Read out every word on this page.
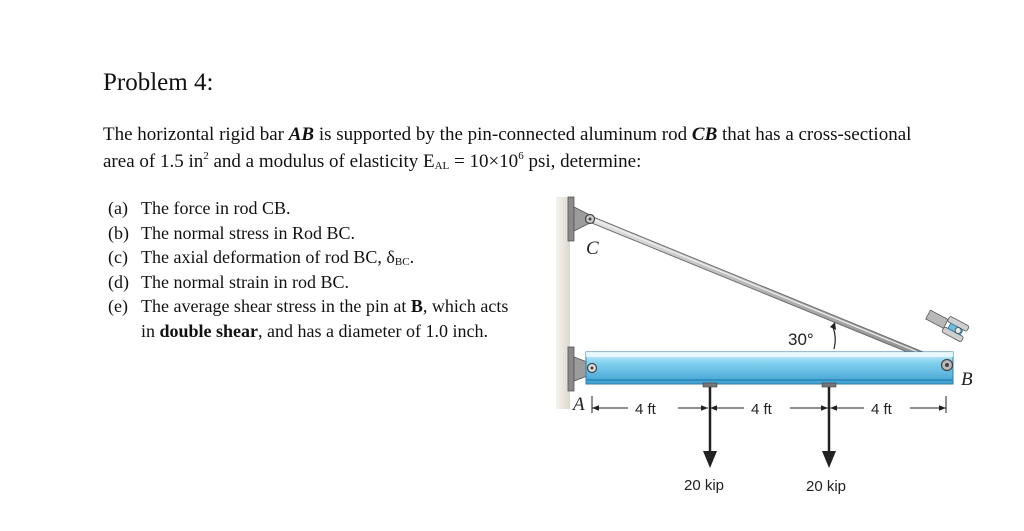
Problem 4:
The horizontal rigid bar AB is supported by the pin-connected aluminum rod CB that has a cross-sectional area of 1.5 $in^2$ and a modulus of elasticity $E_{AL} = 10\times 10^6$ psi, determine:
(a) The force in rod CB.
(b) The normal stress in Rod BC.
(c) The axial deformation of rod BC, $\delta_{BC}$.
(d) The normal strain in rod BC.
(e) The average shear stress in the pin at B, which acts in double shear, and has a diameter of 1.0 inch.
C
B
30°
A	4 ft	4 ft	4 ft
20 kip	20 kip
